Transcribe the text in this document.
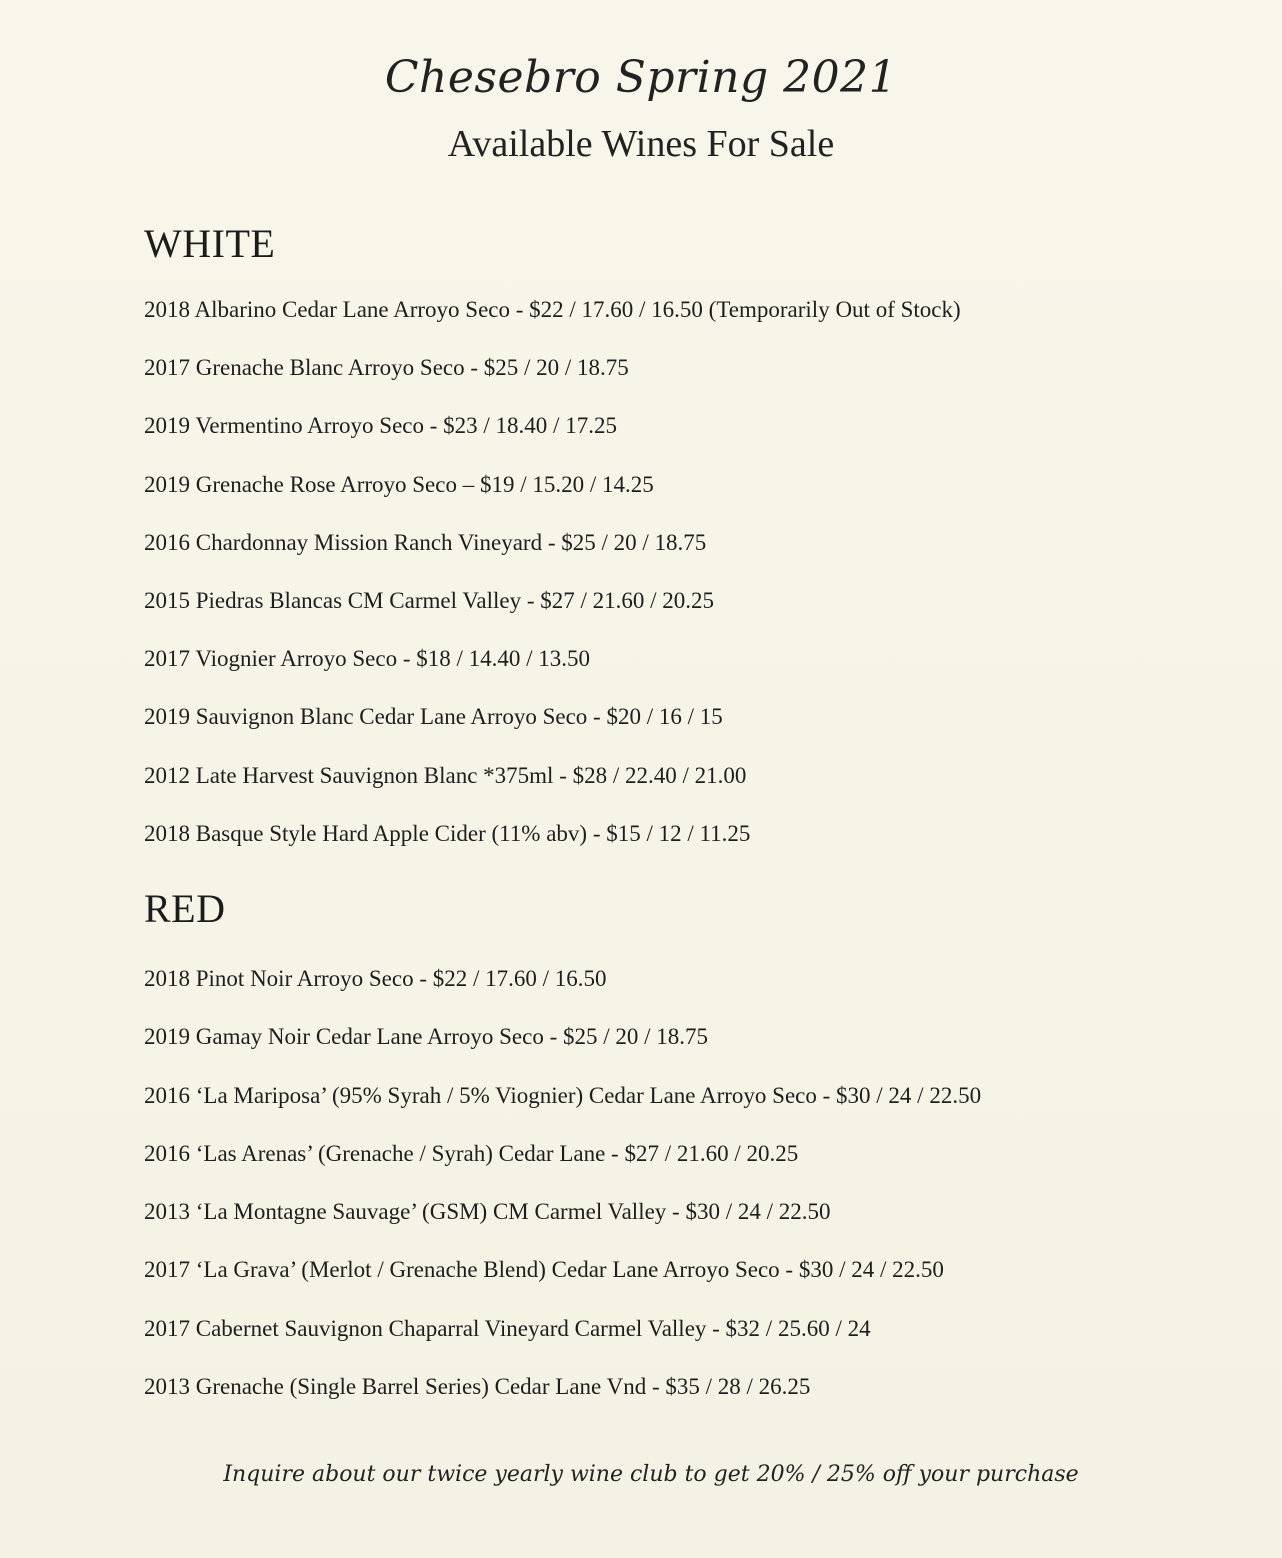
Chesebro Spring 2021
Available Wines For Sale
WHITE
2018 Albarino Cedar Lane Arroyo Seco - $22 / 17.60 / 16.50 (Temporarily Out of Stock)
2017 Grenache Blanc Arroyo Seco - $25 / 20 / 18.75
2019 Vermentino Arroyo Seco - $23 / 18.40 / 17.25
2019 Grenache Rose Arroyo Seco – $19 / 15.20 / 14.25
2016 Chardonnay Mission Ranch Vineyard - $25 / 20 / 18.75
2015 Piedras Blancas CM Carmel Valley - $27 / 21.60 / 20.25
2017 Viognier Arroyo Seco - $18 / 14.40 / 13.50
2019 Sauvignon Blanc Cedar Lane Arroyo Seco - $20 / 16 / 15
2012 Late Harvest Sauvignon Blanc *375ml - $28 / 22.40 / 21.00
2018 Basque Style Hard Apple Cider (11% abv) - $15 / 12 / 11.25
RED
2018 Pinot Noir Arroyo Seco - $22 / 17.60 / 16.50
2019 Gamay Noir Cedar Lane Arroyo Seco - $25 / 20 / 18.75
2016 ‘La Mariposa’ (95% Syrah / 5% Viognier) Cedar Lane Arroyo Seco - $30 / 24 / 22.50
2016 ‘Las Arenas’ (Grenache / Syrah) Cedar Lane - $27 / 21.60 / 20.25
2013 ‘La Montagne Sauvage’ (GSM) CM Carmel Valley - $30 / 24 / 22.50
2017 ‘La Grava’ (Merlot / Grenache Blend) Cedar Lane Arroyo Seco - $30 / 24 / 22.50
2017 Cabernet Sauvignon Chaparral Vineyard Carmel Valley - $32 / 25.60 / 24
2013 Grenache (Single Barrel Series) Cedar Lane Vnd - $35 / 28 / 26.25
Inquire about our twice yearly wine club to get 20% / 25% off your purchase
